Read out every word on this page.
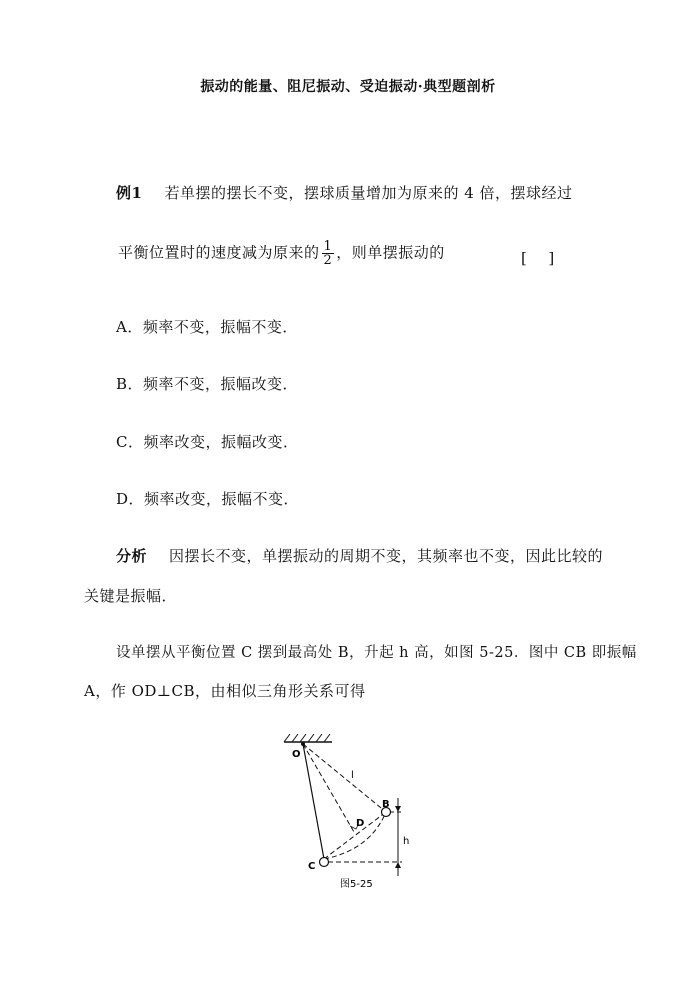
振动的能量、阻尼振动、受迫振动·典型题剖析
例1 若单摆的摆长不变，摆球质量增加为原来的 4 倍，摆球经过
平衡位置时的速度减为原来的 $\frac{1}{2}$ ，则单摆振动的	[    ]
A．频率不变，振幅不变．
B．频率不变，振幅改变．
C．频率改变，振幅改变．
D．频率改变，振幅不变．
分析 因摆长不变，单摆振动的周期不变，其频率也不变，因此比较的
关键是振幅．
设单摆从平衡位置 C 摆到最高处 B，升起 h 高，如图 5-25．图中 CB 即振幅
A，作 OD⊥CB，由相似三角形关系可得
O
l
B
D
C
h
图5-25
